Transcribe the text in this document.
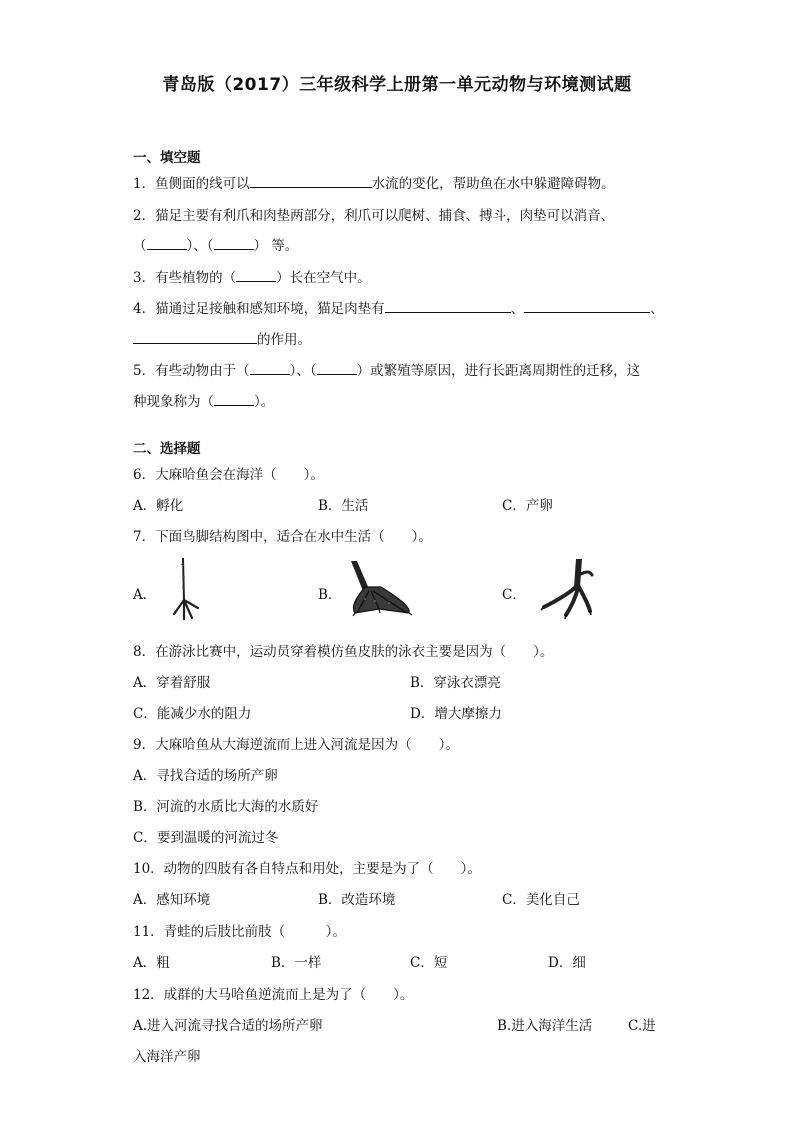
青岛版（2017）三年级科学上册第一单元动物与环境测试题
一、填空题
1．鱼侧面的线可以	水流的变化，帮助鱼在水中躲避障碍物。
2．猫足主要有利爪和肉垫两部分，利爪可以爬树、捕食、搏斗，肉垫可以消音、
（	）、（	） 等。
3．有些植物的（	）长在空气中。
4．猫通过足接触和感知环境，猫足肉垫有	、	、
的作用。
5．有些动物由于（	）、（	）或繁殖等原因，进行长距离周期性的迁移，这
种现象称为（	）。
二、选择题
6．大麻哈鱼会在海洋（　　）。
A．孵化	B．生活	C．产卵
7．下面鸟脚结构图中，适合在水中生活（　　）。
A．	B．	C．
8．在游泳比赛中，运动员穿着模仿鱼皮肤的泳衣主要是因为（　　）。
A．穿着舒服	B．穿泳衣漂亮
C．能减少水的阻力	D．增大摩擦力
9．大麻哈鱼从大海逆流而上进入河流是因为（　　）。
A．寻找合适的场所产卵
B．河流的水质比大海的水质好
C．要到温暖的河流过冬
10．动物的四肢有各自特点和用处，主要是为了（　　）。
A．感知环境	B．改造环境	C．美化自己
11．青蛙的后肢比前肢（　　　）。
A．粗	B．一样	C．短	D．细
12．成群的大马哈鱼逆流而上是为了（　　）。
A.进入河流寻找合适的场所产卵	B.进入海洋生活	C.进
入海洋产卵
